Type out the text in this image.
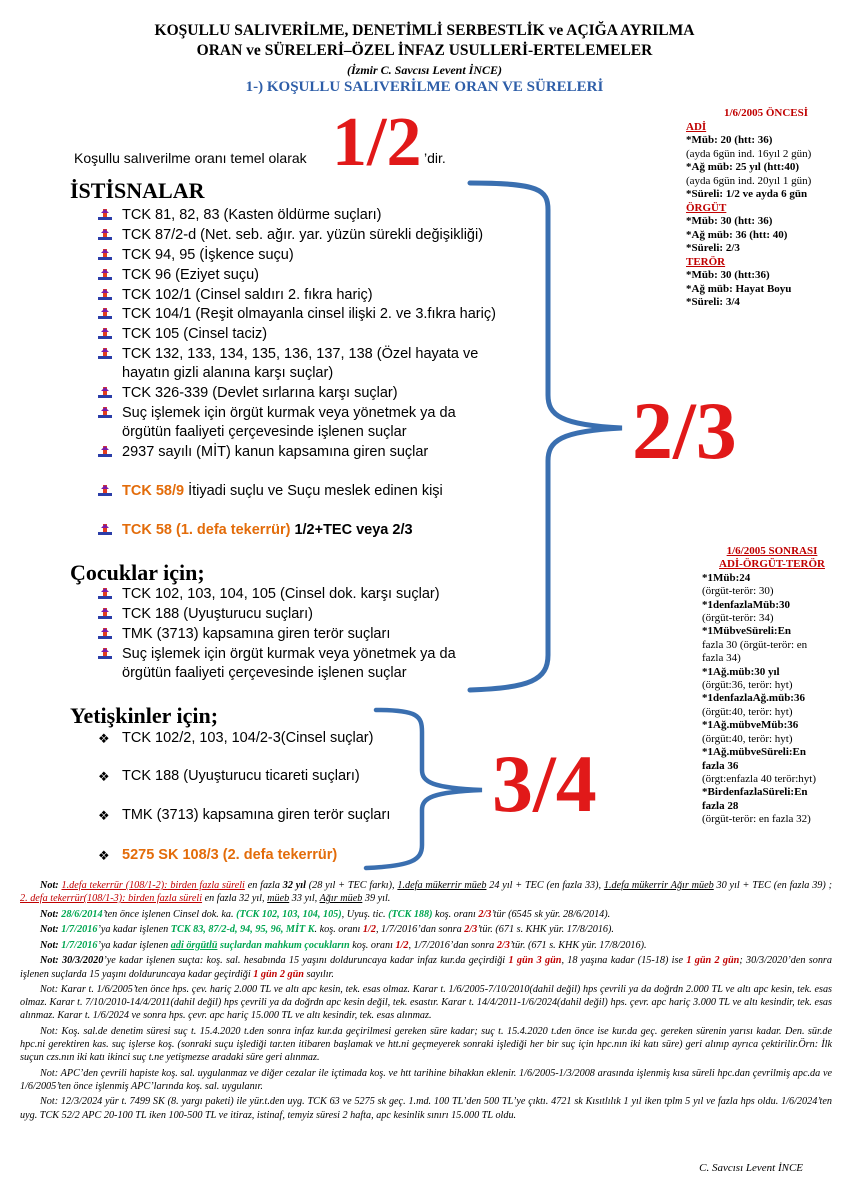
KOŞULLU SALIVERİLME, DENETİMLİ SERBESTLİK ve AÇIĞA AYRILMA
ORAN ve SÜRELERİ–ÖZEL İNFAZ USULLERİ-ERTELEMELER
(İzmir C. Savcısı Levent İNCE)
1-) KOŞULLU SALIVERİLME ORAN VE SÜRELERİ
Koşullu salıverilme oranı temel olarak 1/2 ’dir.
İSTİSNALAR
TCK 81, 82, 83 (Kasten öldürme suçları)
TCK 87/2-d (Net. seb. ağır. yar. yüzün sürekli değişikliği)
TCK 94, 95 (İşkence suçu)
TCK 96 (Eziyet suçu)
TCK 102/1 (Cinsel saldırı 2. fıkra hariç)
TCK 104/1 (Reşit olmayanla cinsel ilişki 2. ve 3.fıkra hariç)
TCK 105 (Cinsel taciz)
TCK 132, 133, 134, 135, 136, 137, 138 (Özel hayata ve hayatın gizli alanına karşı suçlar)
TCK 326-339 (Devlet sırlarına karşı suçlar)
Suç işlemek için örgüt kurmak veya yönetmek ya da örgütün faaliyeti çerçevesinde işlenen suçlar
2937 sayılı (MİT) kanun kapsamına giren suçlar
TCK 58/9 İtiyadi suçlu ve Suçu meslek edinen kişi
TCK 58 (1. defa tekerrür) 1/2+TEC veya 2/3
Çocuklar için;
TCK 102, 103, 104, 105 (Cinsel dok. karşı suçlar)
TCK 188 (Uyuşturucu suçları)
TMK (3713) kapsamına giren terör suçları
Suç işlemek için örgüt kurmak veya yönetmek ya da örgütün faaliyeti çerçevesinde işlenen suçlar
2/3
Yetişkinler için;
❖ TCK 102/2, 103, 104/2-3(Cinsel suçlar)
❖ TCK 188 (Uyuşturucu ticareti suçları)
❖ TMK (3713) kapsamına giren terör suçları
❖ 5275 SK 108/3 (2. defa tekerrür)
3/4
1/6/2005 ÖNCESİ
ADİ
*Müb: 20 (htt: 36)
(ayda 6gün ind. 16yıl 2 gün)
*Ağ müb: 25 yıl (htt:40)
(ayda 6gün ind. 20yıl 1 gün)
*Süreli: 1/2 ve ayda 6 gün
ÖRGÜT
*Müb: 30 (htt: 36)
*Ağ müb: 36 (htt: 40)
*Süreli: 2/3
TERÖR
*Müb: 30 (htt:36)
*Ağ müb: Hayat Boyu
*Süreli: 3/4
1/6/2005 SONRASI
ADİ-ÖRGÜT-TERÖR
*1Müb:24
(örgüt-terör: 30)
*1denfazlaMüb:30
(örgüt-terör: 34)
*1MübveSüreli:En
fazla 30 (örgüt-terör: en
fazla 34)
*1Ağ.müb:30 yıl
(örgüt:36, terör: hyt)
*1denfazlaAğ.müb:36
(örgüt:40, terör: hyt)
*1Ağ.mübveMüb:36
(örgüt:40, terör: hyt)
*1Ağ.mübveSüreli:En
fazla 36
(örgt:enfazla 40 terör:hyt)
*BirdenfazlaSüreli:En
fazla 28
(örgüt-terör: en fazla 32)

Not: 1.defa tekerrür (108/1-2): birden fazla süreli en fazla 32 yıl (28 yıl + TEC farkı), 1.defa mükerrir müeb 24 yıl + TEC (en fazla 33), 1.defa mükerrir Ağır müeb 30 yıl + TEC (en fazla 39) ; 2. defa tekerrür(108/1-3): birden fazla süreli en fazla 32 yıl, müeb 33 yıl, Ağır müeb 39 yıl.

Not: 28/6/2014’ten önce işlenen Cinsel dok. ka. (TCK 102, 103, 104, 105), Uyuş. tic. (TCK 188) koş. oranı 2/3’tür (6545 sk yür. 28/6/2014).

Not: 1/7/2016’ya kadar işlenen TCK 83, 87/2-d, 94, 95, 96, MİT K. koş. oranı 1/2, 1/7/2016’dan sonra 2/3’tür. (671 s. KHK yür. 17/8/2016).

Not: 1/7/2016’ya kadar işlenen adi örgütlü suçlardan mahkum çocukların koş. oranı 1/2, 1/7/2016’dan sonra 2/3’tür. (671 s. KHK yür. 17/8/2016).

Not: 30/3/2020’ye kadar işlenen suçta: koş. sal. hesabında 15 yaşını dolduruncaya kadar infaz kur.da geçirdiği 1 gün 3 gün, 18 yaşına kadar (15-18) ise 1 gün 2 gün; 30/3/2020’den sonra işlenen suçlarda 15 yaşını dolduruncaya kadar geçirdiği 1 gün 2 gün sayılır.

Not: Karar t. 1/6/2005’ten önce hps. çev. hariç 2.000 TL ve altı apc kesin, tek. esas olmaz. Karar t. 1/6/2005-7/10/2010(dahil değil) hps çevrili ya da doğrdn 2.000 TL ve altı apc kesin, tek. esas olmaz. Karar t. 7/10/2010-14/4/2011(dahil değil) hps çevrili ya da doğrdn apc kesin değil, tek. esastır. Karar t. 14/4/2011-1/6/2024(dahil değil) hps. çevr. apc hariç 3.000 TL ve altı kesindir, tek. esas alınmaz. Karar t. 1/6/2024 ve sonra hps. çevr. apc hariç 15.000 TL ve altı kesindir, tek. esas alınmaz.

Not: Koş. sal.de denetim süresi suç t. 15.4.2020 t.den sonra infaz kur.da geçirilmesi gereken süre kadar; suç t. 15.4.2020 t.den önce ise kur.da geç. gereken sürenin yarısı kadar. Den. sür.de hpc.ni gerektiren kas. suç işlerse koş. (sonraki suçu işlediği tar.ten itibaren başlamak ve htt.ni geçmeyerek sonraki işlediği her bir suç için hpc.nın iki katı süre) geri alınıp ayrıca çektirilir.Örn: İlk suçun czs.nın iki katı ikinci suç t.ne yetişmezse aradaki süre geri alınmaz.

Not: APC’den çevrili hapiste koş. sal. uygulanmaz ve diğer cezalar ile içtimada koş. ve htt tarihine bihakkın eklenir. 1/6/2005-1/3/2008 arasında işlenmiş kısa süreli hpc.dan çevrilmiş apc.da ve 1/6/2005’ten önce işlenmiş APC’larında koş. sal. uygulanır.

Not: 12/3/2024 yür t. 7499 SK (8. yargı paketi) ile yür.t.den uyg. TCK 63 ve 5275 sk geç. 1.md. 100 TL’den 500 TL’ye çıktı. 4721 sk Kısıtlılık 1 yıl iken tplm 5 yıl ve fazla hps oldu. 1/6/2024’ten uyg. TCK 52/2 APC 20-100 TL iken 100-500 TL ve itiraz, istinaf, temyiz süresi 2 hafta, apc kesinlik sınırı 15.000 TL oldu.

C. Savcısı Levent İNCE
